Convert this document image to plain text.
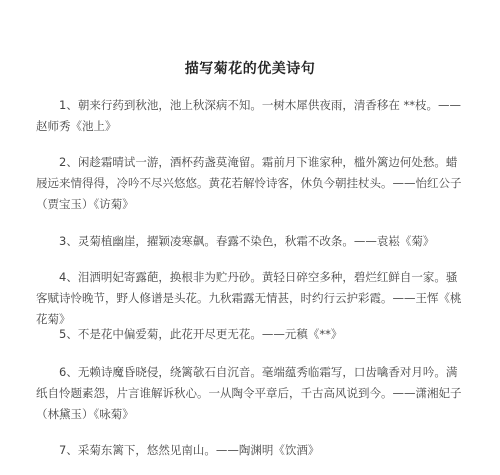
描写菊花的优美诗句

1、朝来行药到秋池，池上秋深病不知。一树木犀供夜雨，清香移在 **枝。——赵师秀《池上》

2、闲趁霜晴试一游，酒杯药盏莫淹留。霜前月下谁家种，槛外篱边何处愁。蜡屐远来情得得，冷吟不尽兴悠悠。黄花若解怜诗客，休负今朝挂杖头。——怡红公子（贾宝玉）《访菊》

3、灵菊植幽崖，擢颖凌寒飙。春露不染色，秋霜不改条。——袁崧《菊》

4、泪洒明妃寄露葩，换根非为贮丹砂。黄轻日碎空多种，碧烂红鲜自一家。骚客赋诗怜晚节，野人修谱是头花。九秋霜露无情甚，时约行云护彩霞。——王恽《桃花菊》

5、不是花中偏爱菊，此花开尽更无花。——元稹《**》

6、无赖诗魔昏晓侵，绕篱欹石自沉音。毫端蕴秀临霜写，口齿噙香对月吟。满纸自怜题素怨，片言谁解诉秋心。一从陶令平章后，千古高风说到今。——潇湘妃子（林黛玉）《咏菊》

7、采菊东篱下，悠然见南山。——陶渊明《饮酒》
